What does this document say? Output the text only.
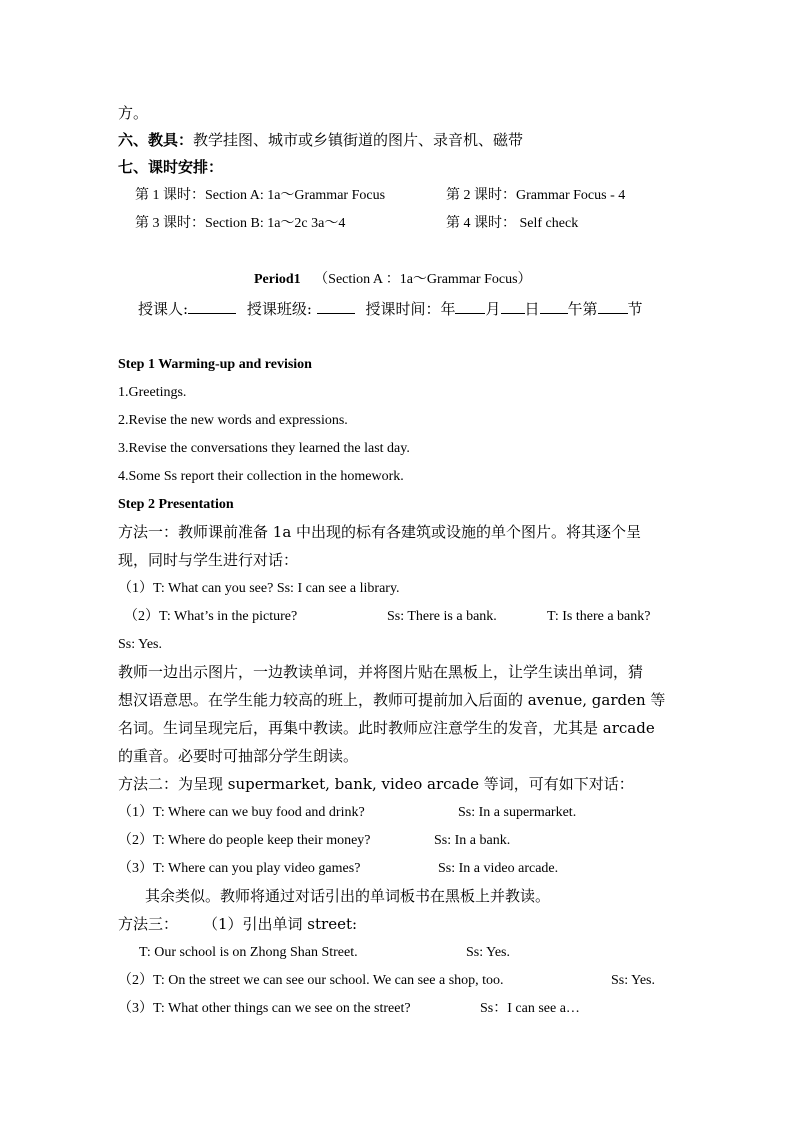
方。
六、教具：教学挂图、城市或乡镇街道的图片、录音机、磁带
七、课时安排：
第 1 课时：Section A: 1a～Grammar Focus	第 2 课时：Grammar Focus - 4
第 3 课时：Section B: 1a～2c 3a～4	第 4 课时： Self check
Period1 （Section A ：1a～Grammar Focus）
授课人:	授课班级:	授课时间：年 月 日 午第 节
Step 1 Warming-up and revision
1.Greetings.
2.Revise the new words and expressions.
3.Revise the conversations they learned the last day.
4.Some Ss report their collection in the homework.
Step 2 Presentation
方法一：教师课前准备 1a 中出现的标有各建筑或设施的单个图片。将其逐个呈
现，同时与学生进行对话：
（1）T: What can you see? Ss: I can see a library.
（2）T: What’s in the picture?	Ss: There is a bank.	T: Is there a bank?
Ss: Yes.
教师一边出示图片，一边教读单词，并将图片贴在黑板上，让学生读出单词，猜
想汉语意思。在学生能力较高的班上，教师可提前加入后面的 avenue, garden 等
名词。生词呈现完后，再集中教读。此时教师应注意学生的发音，尤其是 arcade
的重音。必要时可抽部分学生朗读。
方法二：为呈现 supermarket, bank, video arcade 等词，可有如下对话：
（1）T: Where can we buy food and drink?	Ss: In a supermarket.
（2）T: Where do people keep their money?	Ss: In a bank.
（3）T: Where can you play video games?	Ss: In a video arcade.
其余类似。教师将通过对话引出的单词板书在黑板上并教读。
方法三： （1）引出单词 street:
T: Our school is on Zhong Shan Street.	Ss: Yes.
（2）T: On the street we can see our school. We can see a shop, too.	Ss: Yes.
（3）T: What other things can we see on the street?	Ss：I can see a…
